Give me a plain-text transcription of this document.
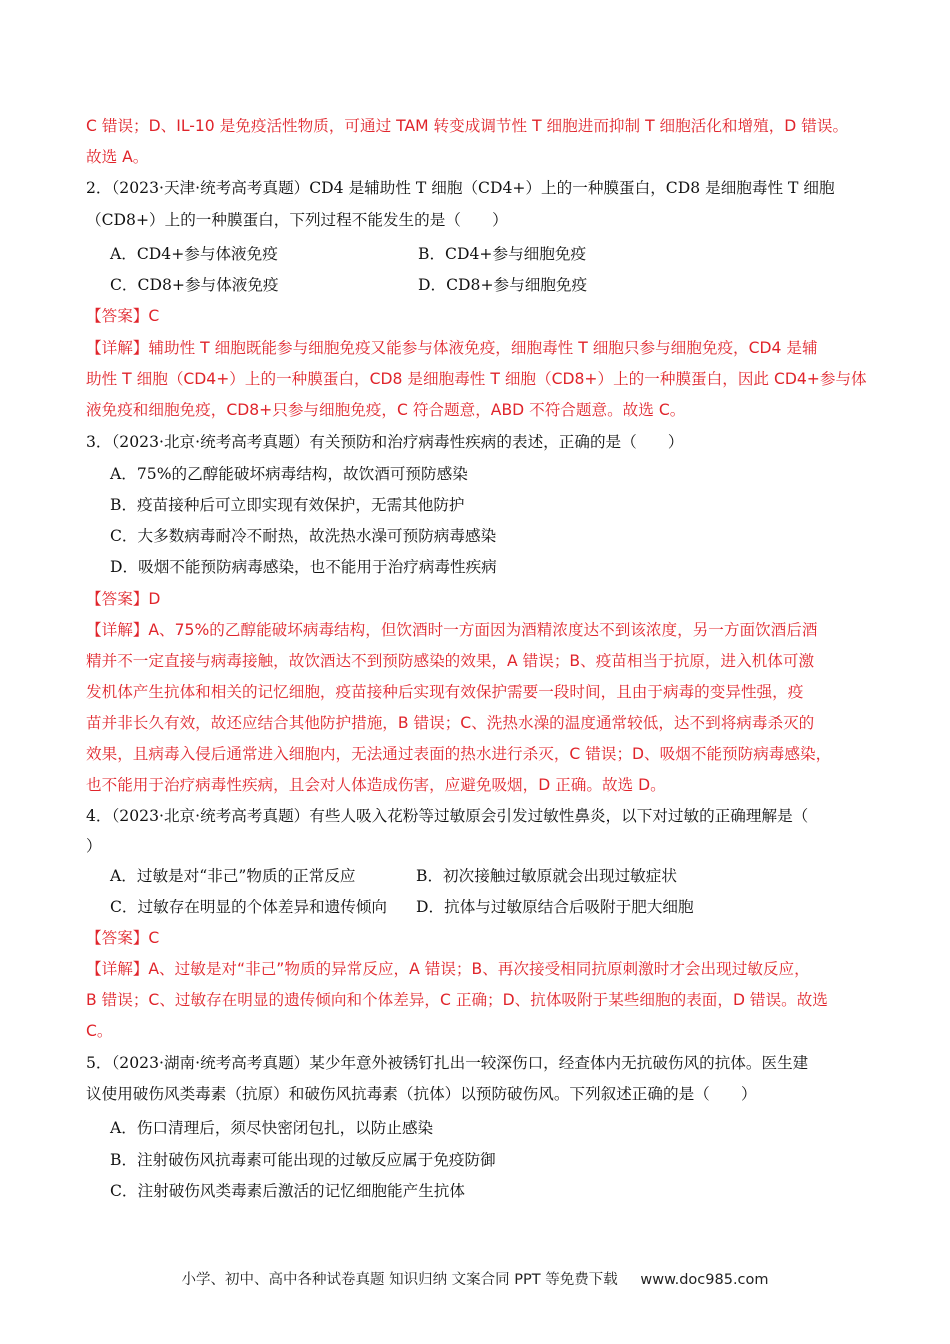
C 错误；D、IL-10 是免疫活性物质，可通过 TAM 转变成调节性 T 细胞进而抑制 T 细胞活化和增殖，D 错误。
故选 A。
2．（2023·天津·统考高考真题）CD4 是辅助性 T 细胞（CD4+）上的一种膜蛋白，CD8 是细胞毒性 T 细胞
（CD8+）上的一种膜蛋白，下列过程不能发生的是（　　）
A．CD4+参与体液免疫	B．CD4+参与细胞免疫
C．CD8+参与体液免疫	D．CD8+参与细胞免疫
【答案】C
【详解】辅助性 T 细胞既能参与细胞免疫又能参与体液免疫，细胞毒性 T 细胞只参与细胞免疫，CD4 是辅
助性 T 细胞（CD4+）上的一种膜蛋白，CD8 是细胞毒性 T 细胞（CD8+）上的一种膜蛋白，因此 CD4+参与体
液免疫和细胞免疫，CD8+只参与细胞免疫，C 符合题意，ABD 不符合题意。故选 C。
3．（2023·北京·统考高考真题）有关预防和治疗病毒性疾病的表述，正确的是（　　）
A．75%的乙醇能破坏病毒结构，故饮酒可预防感染
B．疫苗接种后可立即实现有效保护，无需其他防护
C．大多数病毒耐冷不耐热，故洗热水澡可预防病毒感染
D．吸烟不能预防病毒感染，也不能用于治疗病毒性疾病
【答案】D
【详解】A、75%的乙醇能破坏病毒结构，但饮酒时一方面因为酒精浓度达不到该浓度，另一方面饮酒后酒
精并不一定直接与病毒接触，故饮酒达不到预防感染的效果，A 错误；B、疫苗相当于抗原，进入机体可激
发机体产生抗体和相关的记忆细胞，疫苗接种后实现有效保护需要一段时间，且由于病毒的变异性强，疫
苗并非长久有效，故还应结合其他防护措施，B 错误；C、洗热水澡的温度通常较低，达不到将病毒杀灭的
效果，且病毒入侵后通常进入细胞内，无法通过表面的热水进行杀灭，C 错误；D、吸烟不能预防病毒感染，
也不能用于治疗病毒性疾病，且会对人体造成伤害，应避免吸烟，D 正确。故选 D。
4．（2023·北京·统考高考真题）有些人吸入花粉等过敏原会引发过敏性鼻炎，以下对过敏的正确理解是（
）
A．过敏是对“非己”物质的正常反应	B．初次接触过敏原就会出现过敏症状
C．过敏存在明显的个体差异和遗传倾向 D．抗体与过敏原结合后吸附于肥大细胞
【答案】C
【详解】A、过敏是对“非己”物质的异常反应，A 错误；B、再次接受相同抗原刺激时才会出现过敏反应，
B 错误；C、过敏存在明显的遗传倾向和个体差异，C 正确；D、抗体吸附于某些细胞的表面，D 错误。故选
C。
5．（2023·湖南·统考高考真题）某少年意外被锈钉扎出一较深伤口，经查体内无抗破伤风的抗体。医生建
议使用破伤风类毒素（抗原）和破伤风抗毒素（抗体）以预防破伤风。下列叙述正确的是（　　）
A．伤口清理后，须尽快密闭包扎，以防止感染
B．注射破伤风抗毒素可能出现的过敏反应属于免疫防御
C．注射破伤风类毒素后激活的记忆细胞能产生抗体
小学、初中、高中各种试卷真题 知识归纳 文案合同 PPT 等免费下载 www.doc985.com
